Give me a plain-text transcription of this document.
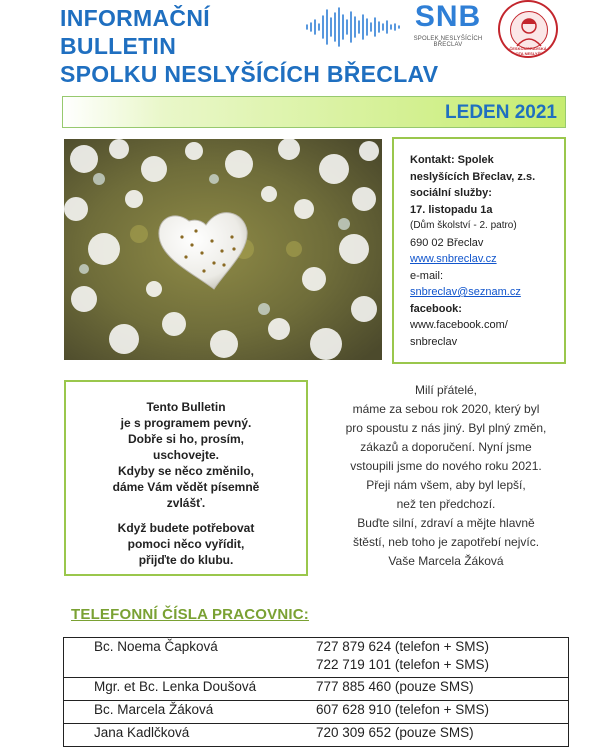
INFORMAČNÍ
BULLETIN
SPOLKU NESLYŠÍCÍCH BŘECLAV
SNB
SPOLEK NESLYŠÍCÍCH BŘECLAV
ČESKOMORAVSKÁ JEDNOTA NESLYŠÍCÍCH
LEDEN 2021
Kontakt: Spolek
neslyšících Břeclav, z.s.
sociální služby:
17. listopadu 1a
(Dům školství - 2. patro)
690 02 Břeclav
www.snbreclav.cz
e-mail:
snbreclav@seznam.cz
facebook:
www.facebook.com/
snbreclav

Tento Bulletin
je s programem pevný.
Dobře si ho, prosím,
uschovejte.
Kdyby se něco změnilo,
dáme Vám vědět písemně
zvlášť.

Když budete potřebovat
pomoci něco vyřídit,
přijďte do klubu.

Milí přátelé,

máme za sebou rok 2020, který byl

pro spoustu z nás jiný. Byl plný změn,

zákazů a doporučení. Nyní jsme

vstoupili jsme do nového roku 2021.

Přeji nám všem, aby byl lepší,

než ten předchozí.

Buďte silní, zdraví a mějte hlavně

štěstí, neb toho je zapotřebí nejvíc.

Vaše Marcela Žáková

TELEFONNÍ ČÍSLA PRACOVNIC:
Bc. Noema Čapková	727 879 624 (telefon + SMS)
722 719 101 (telefon + SMS)
Mgr. et Bc. Lenka Doušová	777 885 460 (pouze SMS)
Bc. Marcela Žáková	607 628 910 (telefon + SMS)
Jana Kadlčková	720 309 652 (pouze SMS)
